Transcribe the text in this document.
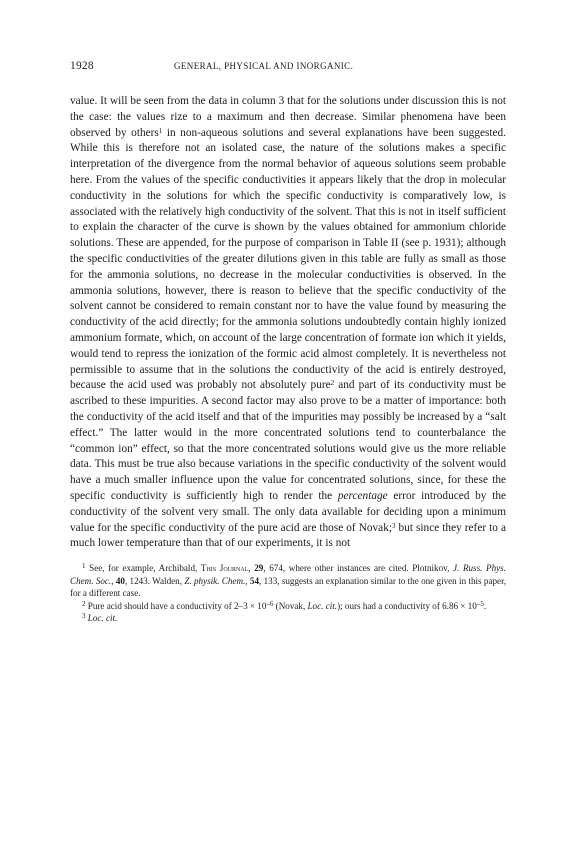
1928	GENERAL, PHYSICAL AND INORGANIC.

value. It will be seen from the data in column 3 that for the solutions under discussion this is not the case: the values rize to a maximum and then decrease. Similar phenomena have been observed by others$^1$ in non-aqueous solutions and several explanations have been suggested. While this is therefore not an isolated case, the nature of the solutions makes a specific interpretation of the divergence from the normal behavior of aqueous solutions seem probable here. From the values of the specific conductivities it appears likely that the drop in molecular conductivity in the solutions for which the specific conductivity is comparatively low, is associated with the relatively high conductivity of the solvent. That this is not in itself sufficient to explain the character of the curve is shown by the values obtained for ammonium chloride solutions. These are appended, for the purpose of comparison in Table II (see p. 1931); although the specific conductivities of the greater dilutions given in this table are fully as small as those for the ammonia solutions, no decrease in the molecular conductivities is observed. In the ammonia solutions, however, there is reason to believe that the specific conductivity of the solvent cannot be considered to remain constant nor to have the value found by measuring the conductivity of the acid directly; for the ammonia solutions undoubtedly contain highly ionized ammonium formate, which, on account of the large concentration of formate ion which it yields, would tend to repress the ionization of the formic acid almost completely. It is nevertheless not permissible to assume that in the solutions the conductivity of the acid is entirely destroyed, because the acid used was probably not absolutely pure$^2$ and part of its conductivity must be ascribed to these impurities. A second factor may also prove to be a matter of importance: both the conductivity of the acid itself and that of the impurities may possibly be increased by a “salt effect.” The latter would in the more concentrated solutions tend to counterbalance the “common ion” effect, so that the more concentrated solutions would give us the more reliable data. This must be true also because variations in the specific conductivity of the solvent would have a much smaller influence upon the value for concentrated solutions, since, for these the specific conductivity is sufficiently high to render the percentage error introduced by the conductivity of the solvent very small. The only data available for deciding upon a minimum value for the specific conductivity of the pure acid are those of Novak;$^3$ but since they refer to a much lower temperature than that of our experiments, it is not

$^1$ See, for example, Archibald, This Journal, 29, 674, where other instances are cited. Plotnikov, J. Russ. Phys. Chem. Soc., 40, 1243. Walden, Z. physik. Chem., 54, 133, suggests an explanation similar to the one given in this paper, for a different case.

$^2$ Pure acid should have a conductivity of $2-3 \times 10^{-6}$ (Novak, Loc. cit.); ours had a conductivity of $6.86 \times 10^{-5}$.

$^3$ Loc. cit.
